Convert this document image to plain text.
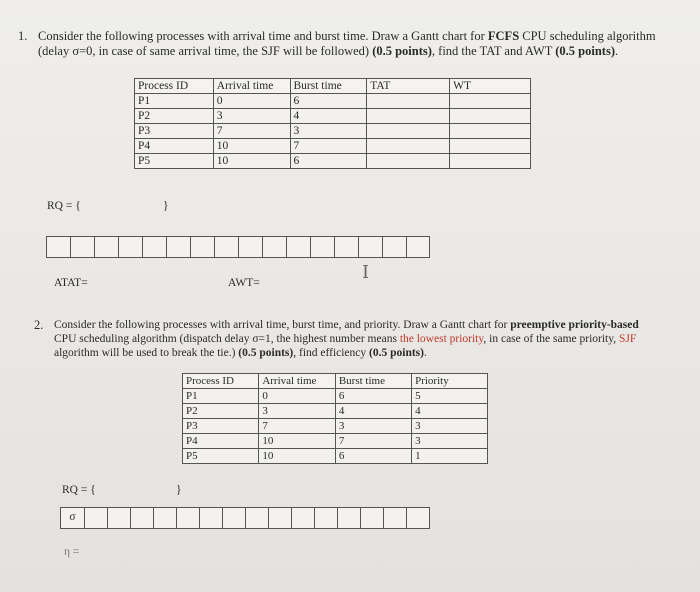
1. Consider the following processes with arrival time and burst time. Draw a Gantt chart for FCFS CPU scheduling algorithm
(delay σ=0, in case of same arrival time, the SJF will be followed) (0.5 points), find the TAT and AWT (0.5 points).
Process ID	Arrival time	Burst time	TAT	WT
P1	0	6		
P2	3	4		
P3	7	3		
P4	10	7		
P5	10	6		
RQ = {	}
ATAT=	AWT=	I
2. Consider the following processes with arrival time, burst time, and priority. Draw a Gantt chart for preemptive priority-based
CPU scheduling algorithm (dispatch delay σ=1, the highest number means the lowest priority, in case of the same priority, SJF
algorithm will be used to break the tie.) (0.5 points), find efficiency (0.5 points).
Process ID	Arrival time	Burst time	Priority
P1	0	6	5
P2	3	4	4
P3	7	3	3
P4	10	7	3
P5	10	6	1
RQ = {	}
σ
η =
